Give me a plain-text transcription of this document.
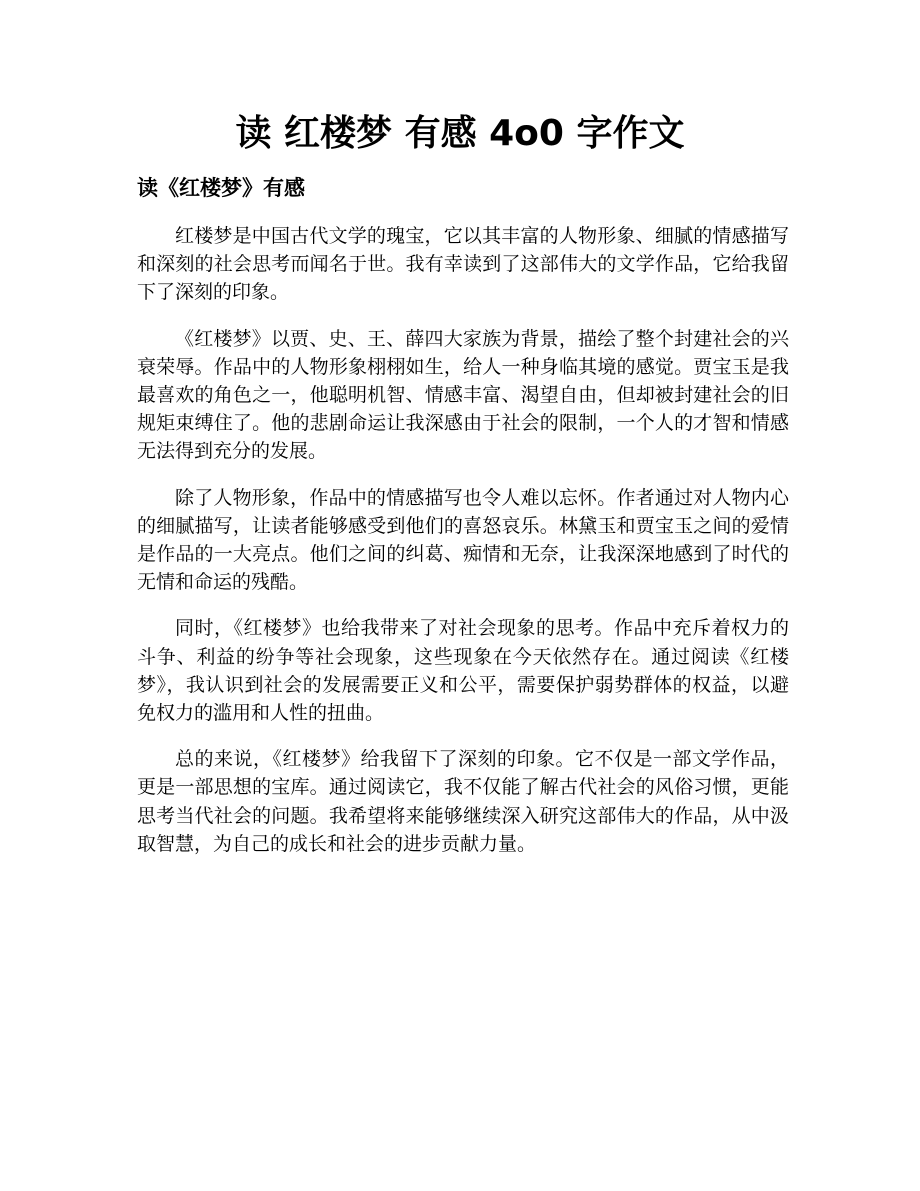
读 红楼梦 有感 4o0 字作文
读《红楼梦》有感

红楼梦是中国古代文学的瑰宝，它以其丰富的人物形象、细腻的情感描写和深刻的社会思考而闻名于世。我有幸读到了这部伟大的文学作品，它给我留下了深刻的印象。

《红楼梦》以贾、史、王、薛四大家族为背景，描绘了整个封建社会的兴衰荣辱。作品中的人物形象栩栩如生，给人一种身临其境的感觉。贾宝玉是我最喜欢的角色之一，他聪明机智、情感丰富、渴望自由，但却被封建社会的旧规矩束缚住了。他的悲剧命运让我深感由于社会的限制，一个人的才智和情感无法得到充分的发展。

除了人物形象，作品中的情感描写也令人难以忘怀。作者通过对人物内心的细腻描写，让读者能够感受到他们的喜怒哀乐。林黛玉和贾宝玉之间的爱情是作品的一大亮点。他们之间的纠葛、痴情和无奈，让我深深地感到了时代的无情和命运的残酷。

同时，《红楼梦》也给我带来了对社会现象的思考。作品中充斥着权力的斗争、利益的纷争等社会现象，这些现象在今天依然存在。通过阅读《红楼梦》，我认识到社会的发展需要正义和公平，需要保护弱势群体的权益，以避免权力的滥用和人性的扭曲。

总的来说，《红楼梦》给我留下了深刻的印象。它不仅是一部文学作品，更是一部思想的宝库。通过阅读它，我不仅能了解古代社会的风俗习惯，更能思考当代社会的问题。我希望将来能够继续深入研究这部伟大的作品，从中汲取智慧，为自己的成长和社会的进步贡献力量。
